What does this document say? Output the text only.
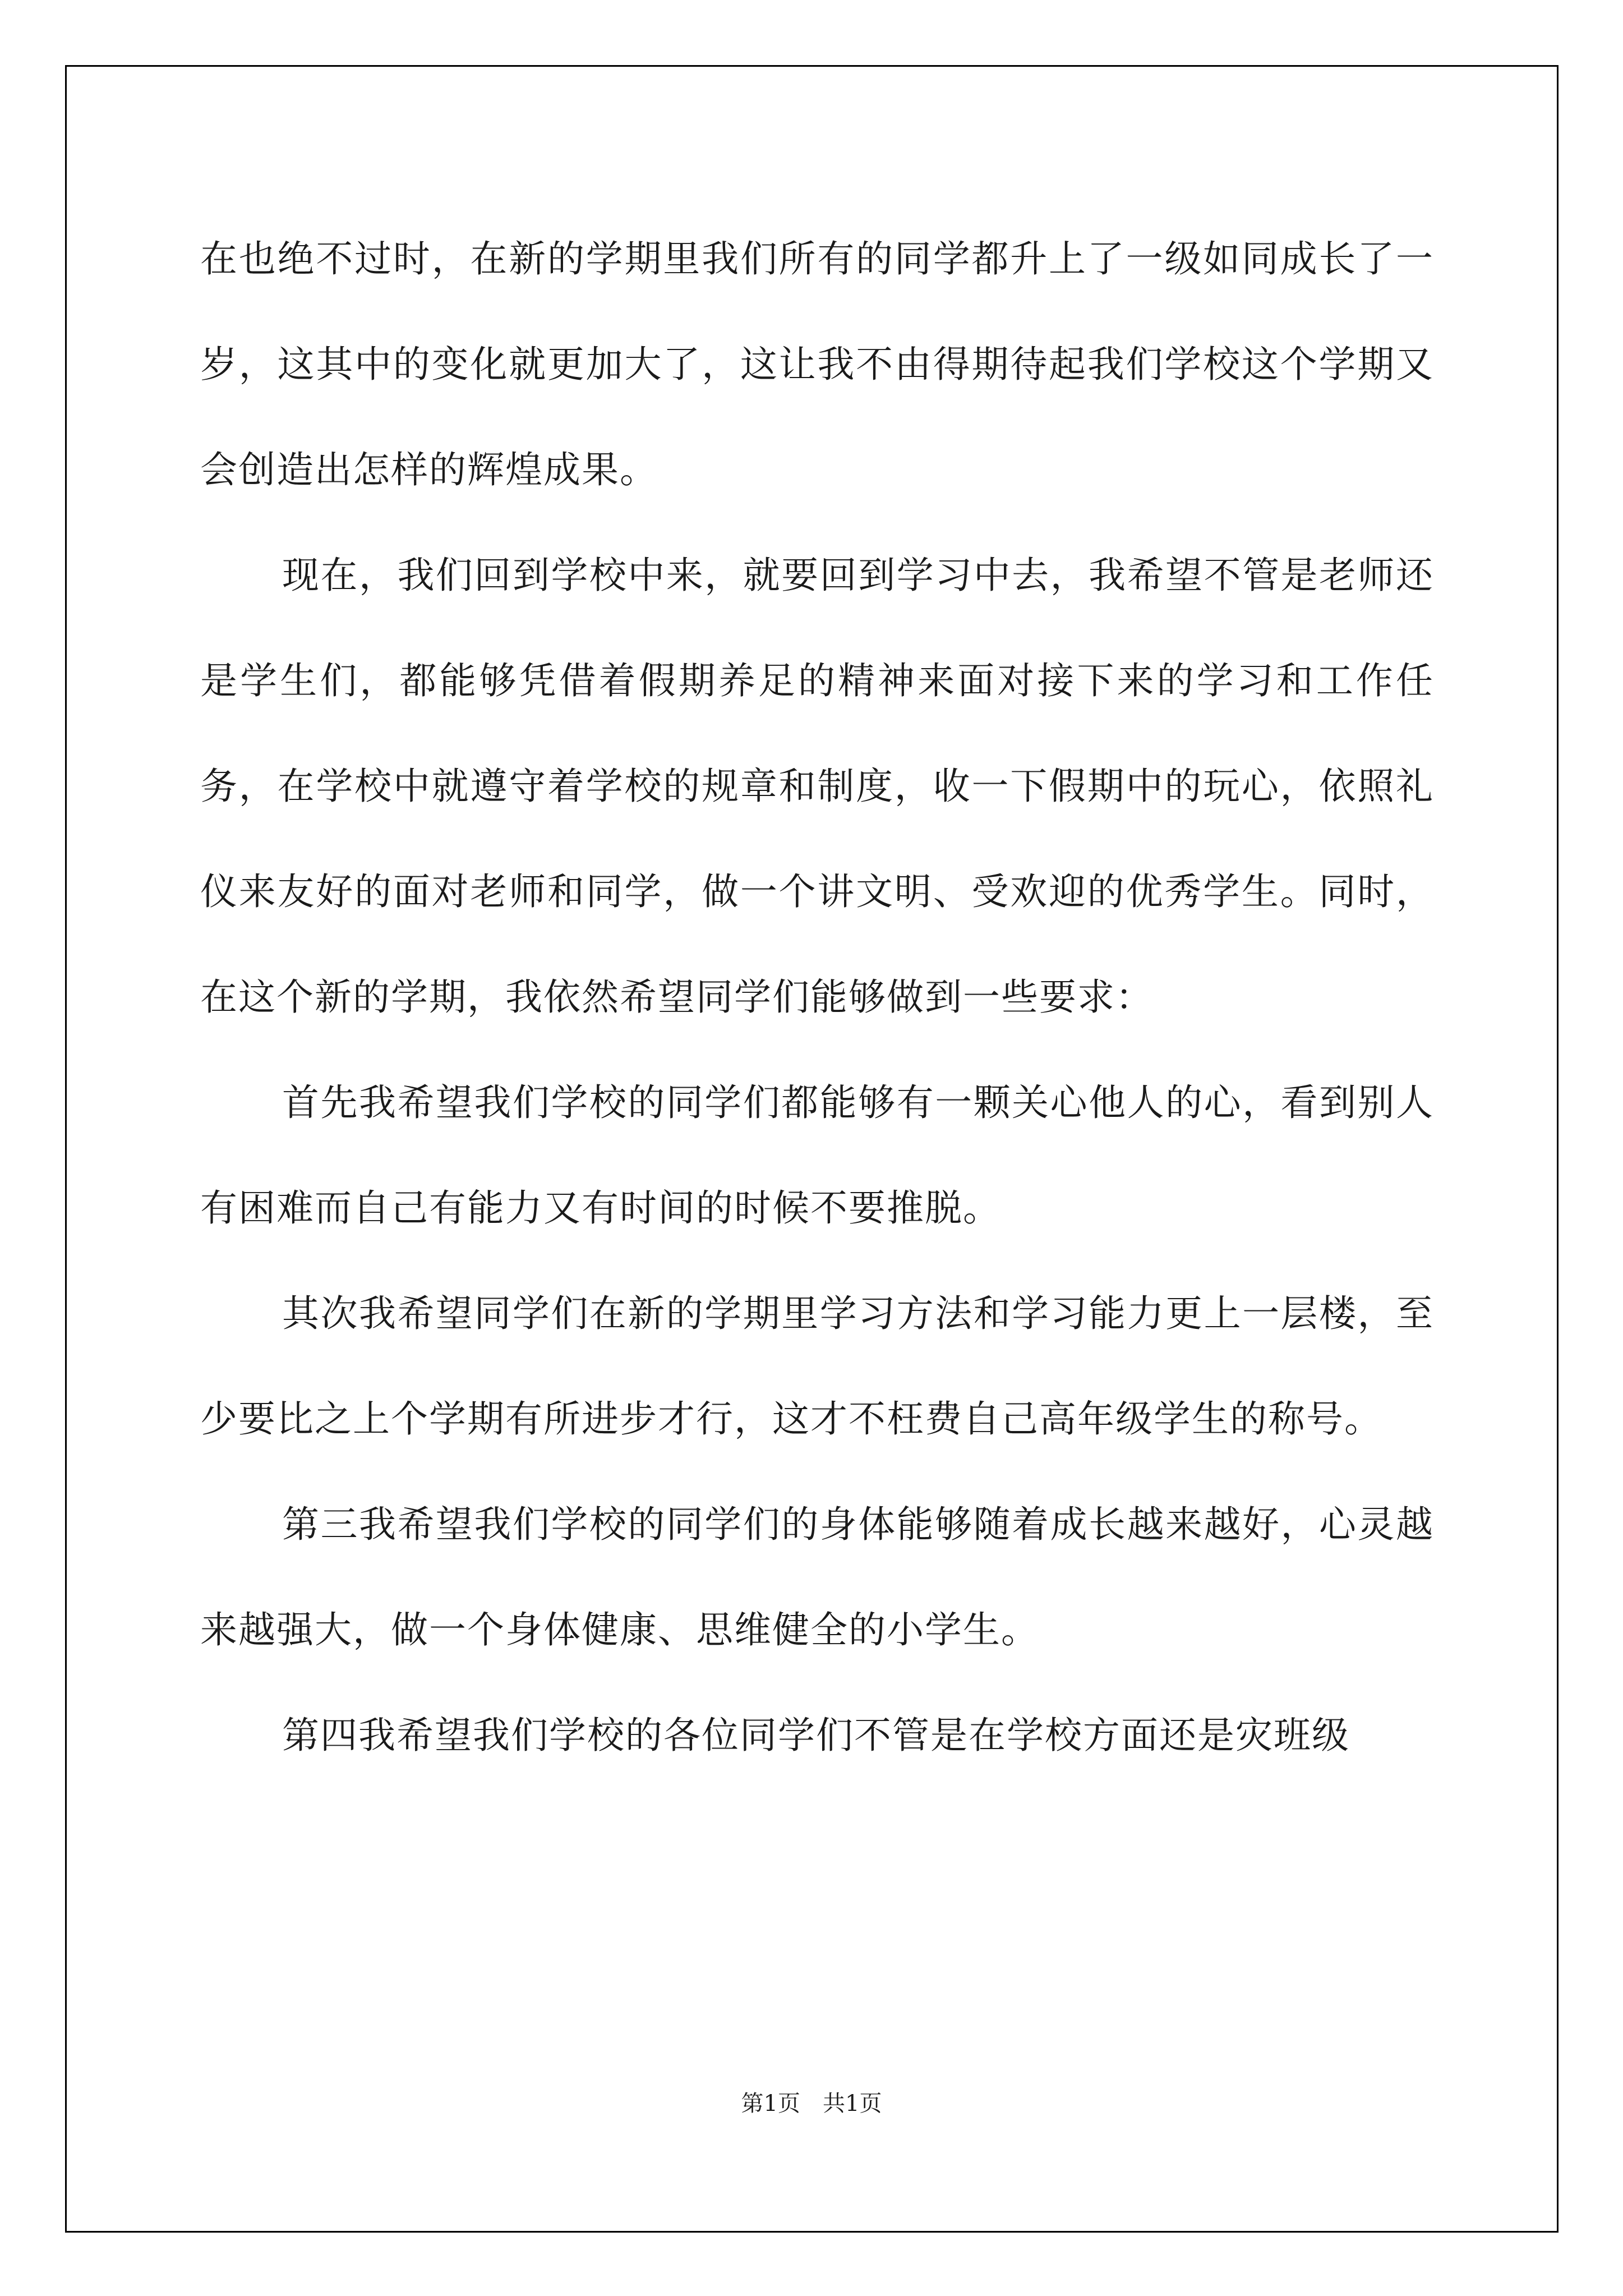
在也绝不过时，在新的学期里我们所有的同学都升上了一级如同成长了一岁，这其中的变化就更加大了，这让我不由得期待起我们学校这个学期又会创造出怎样的辉煌成果。

现在，我们回到学校中来，就要回到学习中去，我希望不管是老师还是学生们，都能够凭借着假期养足的精神来面对接下来的学习和工作任务，在学校中就遵守着学校的规章和制度，收一下假期中的玩心，依照礼仪来友好的面对老师和同学，做一个讲文明、受欢迎的优秀学生。同时，在这个新的学期，我依然希望同学们能够做到一些要求：

首先我希望我们学校的同学们都能够有一颗关心他人的心，看到别人有困难而自己有能力又有时间的时候不要推脱。

其次我希望同学们在新的学期里学习方法和学习能力更上一层楼，至少要比之上个学期有所进步才行，这才不枉费自己高年级学生的称号。

第三我希望我们学校的同学们的身体能够随着成长越来越好，心灵越来越强大，做一个身体健康、思维健全的小学生。

第四我希望我们学校的各位同学们不管是在学校方面还是灾班级

第1页 共1页
